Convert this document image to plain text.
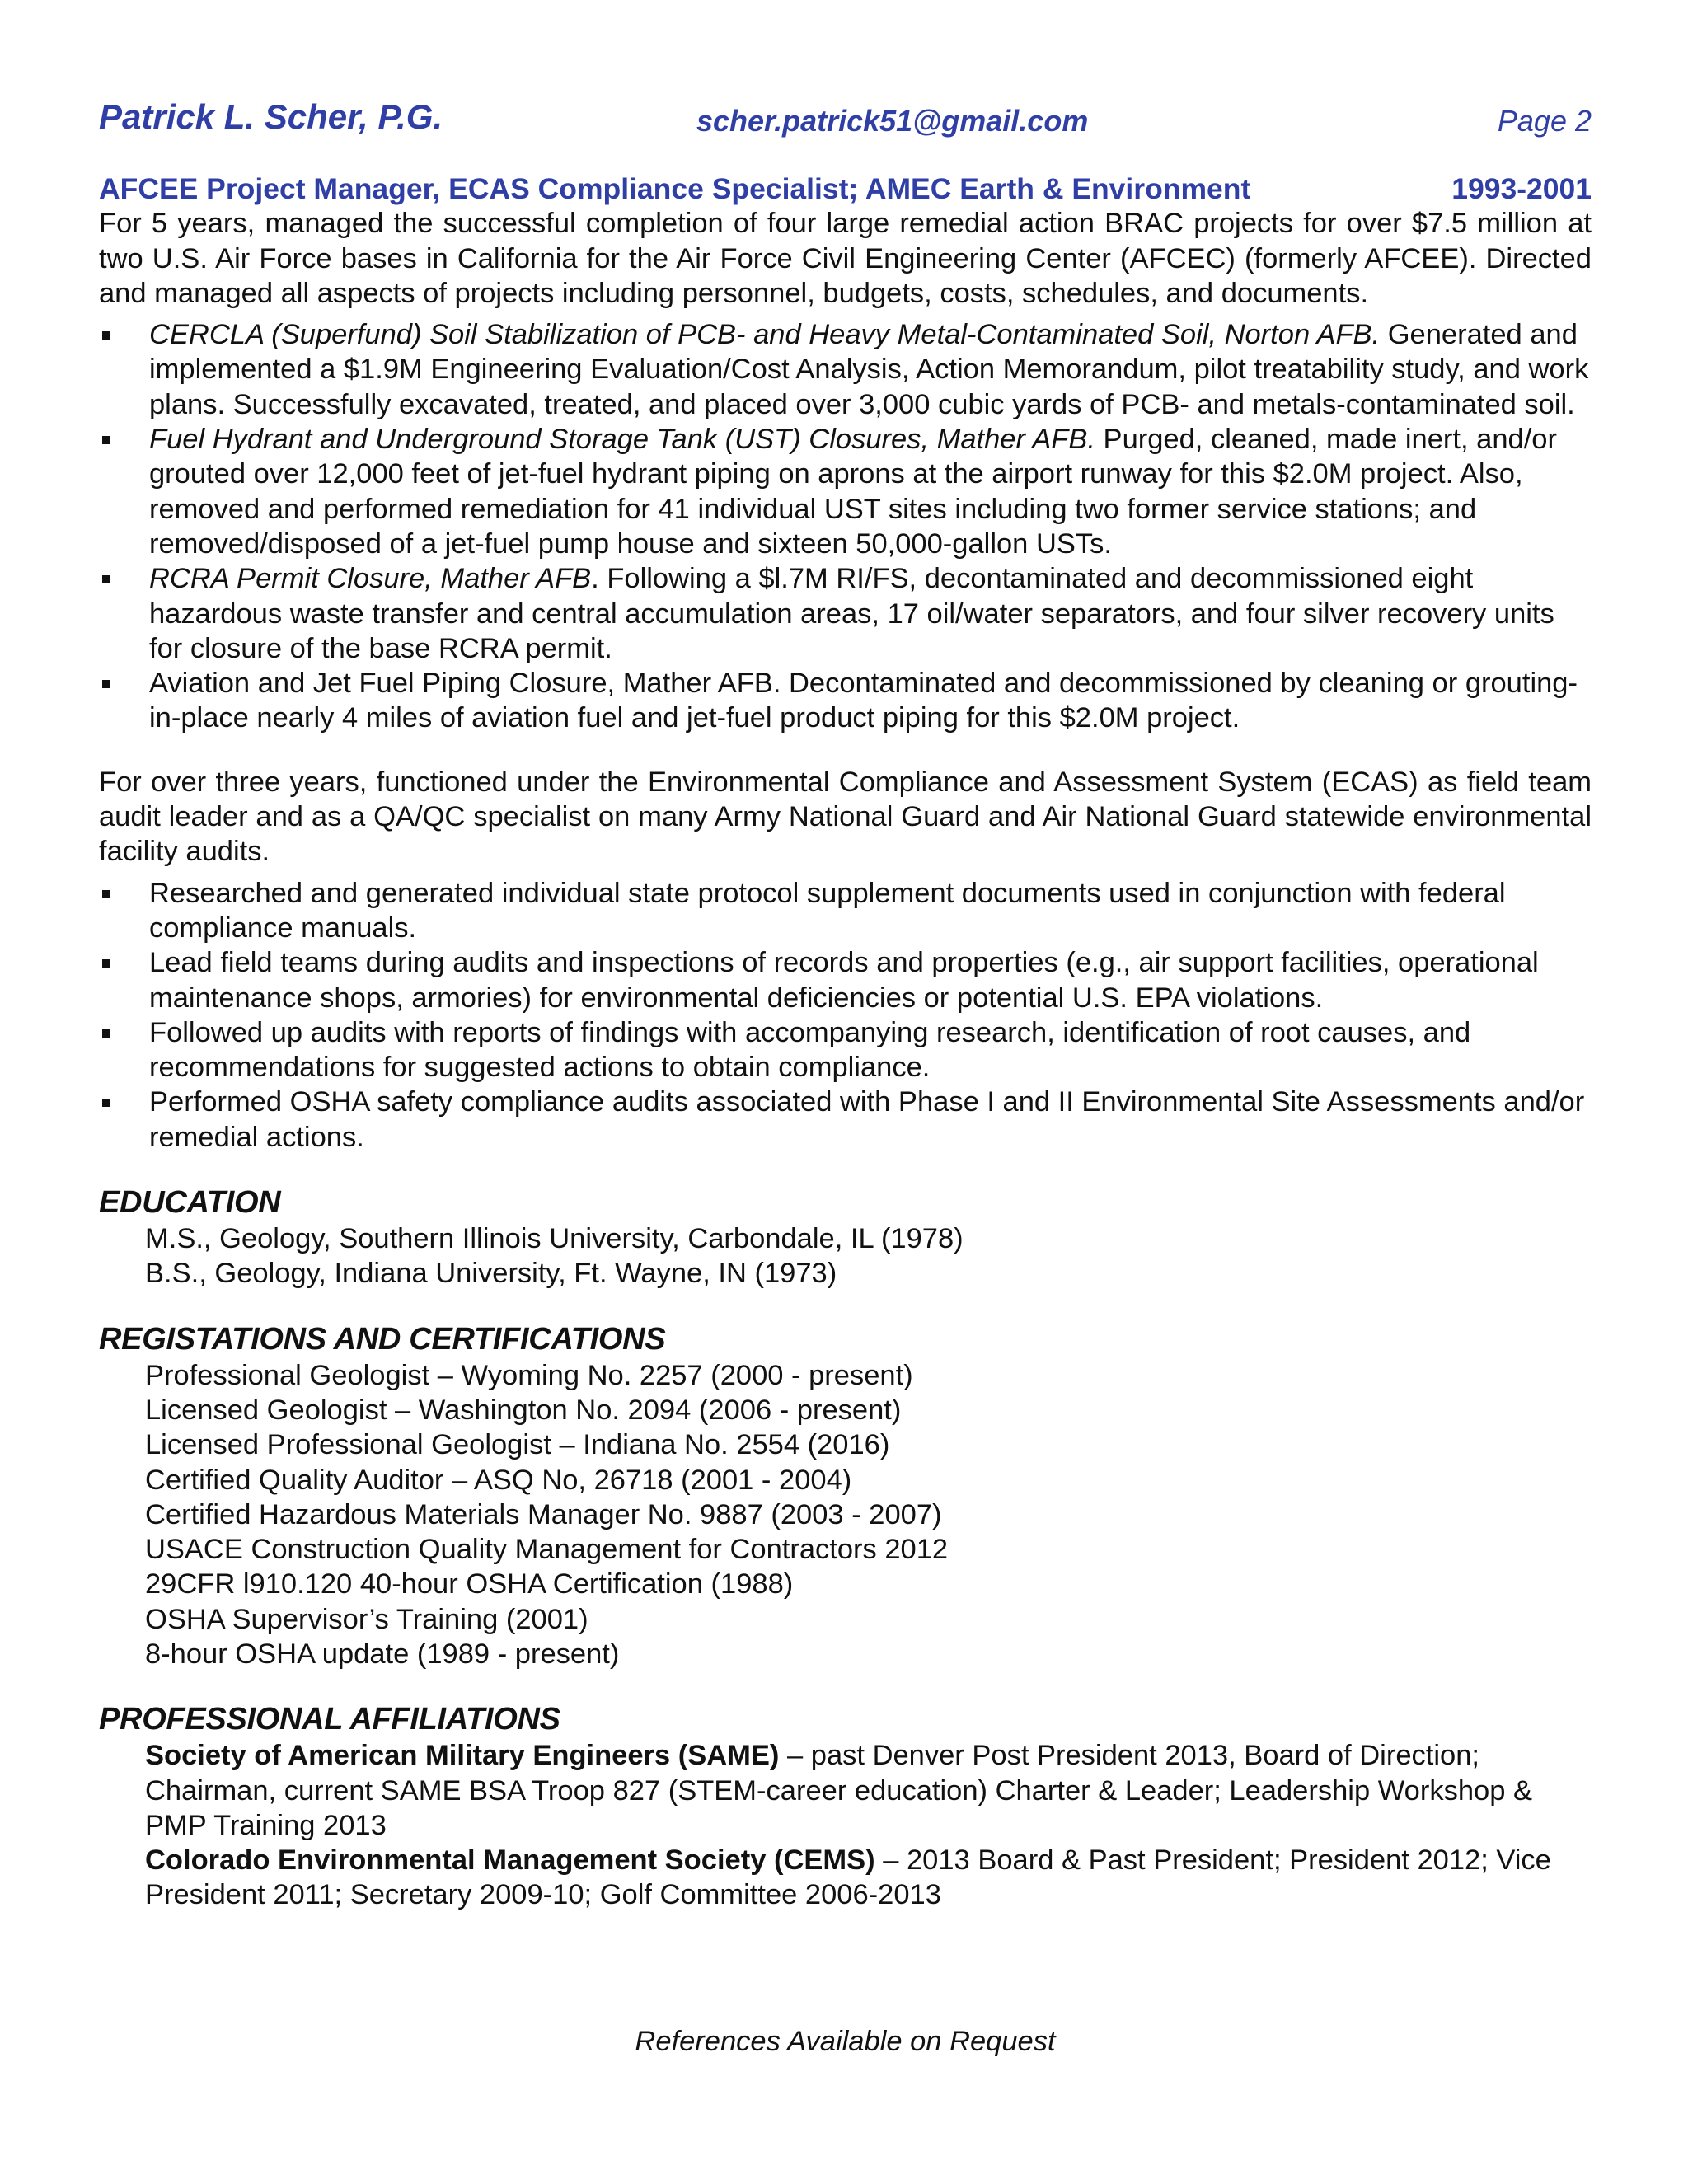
Patrick L. Scher, P.G.	scher.patrick51@gmail.com	Page 2
AFCEE Project Manager, ECAS Compliance Specialist; AMEC Earth & Environment	1993-2001

For 5 years, managed the successful completion of four large remedial action BRAC projects for over $7.5 million at two U.S. Air Force bases in California for the Air Force Civil Engineering Center (AFCEC) (formerly AFCEE). Directed and managed all aspects of projects including personnel, budgets, costs, schedules, and documents.

CERCLA (Superfund) Soil Stabilization of PCB- and Heavy Metal-Contaminated Soil, Norton AFB. Generated and implemented a $1.9M Engineering Evaluation/Cost Analysis, Action Memorandum, pilot treatability study, and work plans. Successfully excavated, treated, and placed over 3,000 cubic yards of PCB- and metals-contaminated soil.
Fuel Hydrant and Underground Storage Tank (UST) Closures, Mather AFB. Purged, cleaned, made inert, and/or grouted over 12,000 feet of jet-fuel hydrant piping on aprons at the airport runway for this $2.0M project. Also, removed and performed remediation for 41 individual UST sites including two former service stations; and removed/disposed of a jet-fuel pump house and sixteen 50,000-gallon USTs.
RCRA Permit Closure, Mather AFB. Following a $l.7M RI/FS, decontaminated and decommissioned eight hazardous waste transfer and central accumulation areas, 17 oil/water separators, and four silver recovery units for closure of the base RCRA permit.
Aviation and Jet Fuel Piping Closure, Mather AFB. Decontaminated and decommissioned by cleaning or grouting-in-place nearly 4 miles of aviation fuel and jet-fuel product piping for this $2.0M project.

For over three years, functioned under the Environmental Compliance and Assessment System (ECAS) as field team audit leader and as a QA/QC specialist on many Army National Guard and Air National Guard statewide environmental facility audits.

Researched and generated individual state protocol supplement documents used in conjunction with federal compliance manuals.
Lead field teams during audits and inspections of records and properties (e.g., air support facilities, operational maintenance shops, armories) for environmental deficiencies or potential U.S. EPA violations.
Followed up audits with reports of findings with accompanying research, identification of root causes, and recommendations for suggested actions to obtain compliance.
Performed OSHA safety compliance audits associated with Phase I and II Environmental Site Assessments and/or remedial actions.
EDUCATION
M.S., Geology, Southern Illinois University, Carbondale, IL (1978)
B.S., Geology, Indiana University, Ft. Wayne, IN (1973)
REGISTATIONS AND CERTIFICATIONS
Professional Geologist – Wyoming No. 2257 (2000 - present)
Licensed Geologist – Washington No. 2094 (2006 - present)
Licensed Professional Geologist – Indiana No. 2554 (2016)
Certified Quality Auditor – ASQ No, 26718 (2001 - 2004)
Certified Hazardous Materials Manager No. 9887 (2003 - 2007)
USACE Construction Quality Management for Contractors 2012
29CFR l910.120 40-hour OSHA Certification (1988)
OSHA Supervisor’s Training (2001)
8-hour OSHA update (1989 - present)
PROFESSIONAL AFFILIATIONS
Society of American Military Engineers (SAME) – past Denver Post President 2013, Board of Direction; Chairman, current SAME BSA Troop 827 (STEM-career education) Charter & Leader; Leadership Workshop & PMP Training 2013
Colorado Environmental Management Society (CEMS) – 2013 Board & Past President; President 2012; Vice President 2011; Secretary 2009-10; Golf Committee 2006-2013
References Available on Request
